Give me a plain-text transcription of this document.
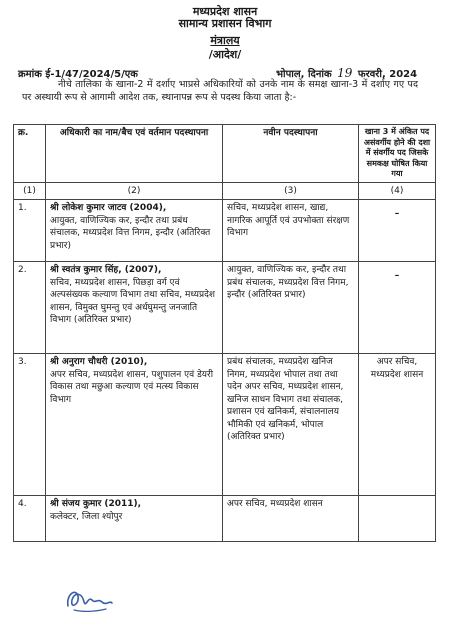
मध्यप्रदेश शासन
सामान्य प्रशासन विभाग
मंत्रालय
/आदेश/
क्रमांक ई-1/47/2024/5/एक	भोपाल, दिनांक 19 फरवरी, 2024
नीचे तालिका के खाना-2 में दर्शाए भाप्रसे अधिकारियों को उनके नाम के समक्ष खाना-3 में दर्शाए गए पद पर अस्थायी रूप से आगामी आदेश तक, स्थानापन्न रूप से पदस्थ किया जाता है:-
क्र.	अधिकारी का नाम/बैच एवं वर्तमान पदस्थापना	नवीन पदस्थापना	खाना 3 में अंकित पद असंवर्गीय होने की दशा में संवर्गीय पद जिसके समकक्ष घोषित किया गया
(1)	(2)	(3)	(4)
1.	श्री लोकेश कुमार जाटव (2004),
आयुक्त, वाणिज्यिक कर, इन्दौर तथा प्रबंध संचालक, मध्यप्रदेश वित्त निगम, इन्दौर (अतिरिक्त प्रभार)	सचिव, मध्यप्रदेश शासन, खाद्य, नागरिक आपूर्ति एवं उपभोक्ता संरक्षण विभाग	–

2.	श्री स्वतंत्र कुमार सिंह, (2007),
सचिव, मध्यप्रदेश शासन, पिछड़ा वर्ग एवं अल्पसंख्यक कल्याण विभाग तथा सचिव, मध्यप्रदेश शासन, विमुक्त घुमन्तु एवं अर्धघुमन्तु जनजाति विभाग (अतिरिक्त प्रभार)	आयुक्त, वाणिज्यिक कर, इन्दौर तथा प्रबंध संचालक, मध्यप्रदेश वित्त निगम, इन्दौर (अतिरिक्त प्रभार)	–

3.	श्री अनुराग चौधरी (2010),
अपर सचिव, मध्यप्रदेश शासन, पशुपालन एवं डेयरी विकास तथा मछुआ कल्याण एवं मत्स्य विकास विभाग	प्रबंध संचालक, मध्यप्रदेश खनिज निगम, मध्यप्रदेश भोपाल तथा तथा पदेन अपर सचिव, मध्यप्रदेश शासन, खनिज साधन विभाग तथा संचालक, प्रशासन एवं खनिकर्म, संचालनालय भौमिकी एवं खनिकर्म, भोपाल (अतिरिक्त प्रभार)	अपर सचिव, मध्यप्रदेश शासन
4.	श्री संजय कुमार (2011),
कलेक्टर, जिला श्योपुर	अपर सचिव, मध्यप्रदेश शासन	
